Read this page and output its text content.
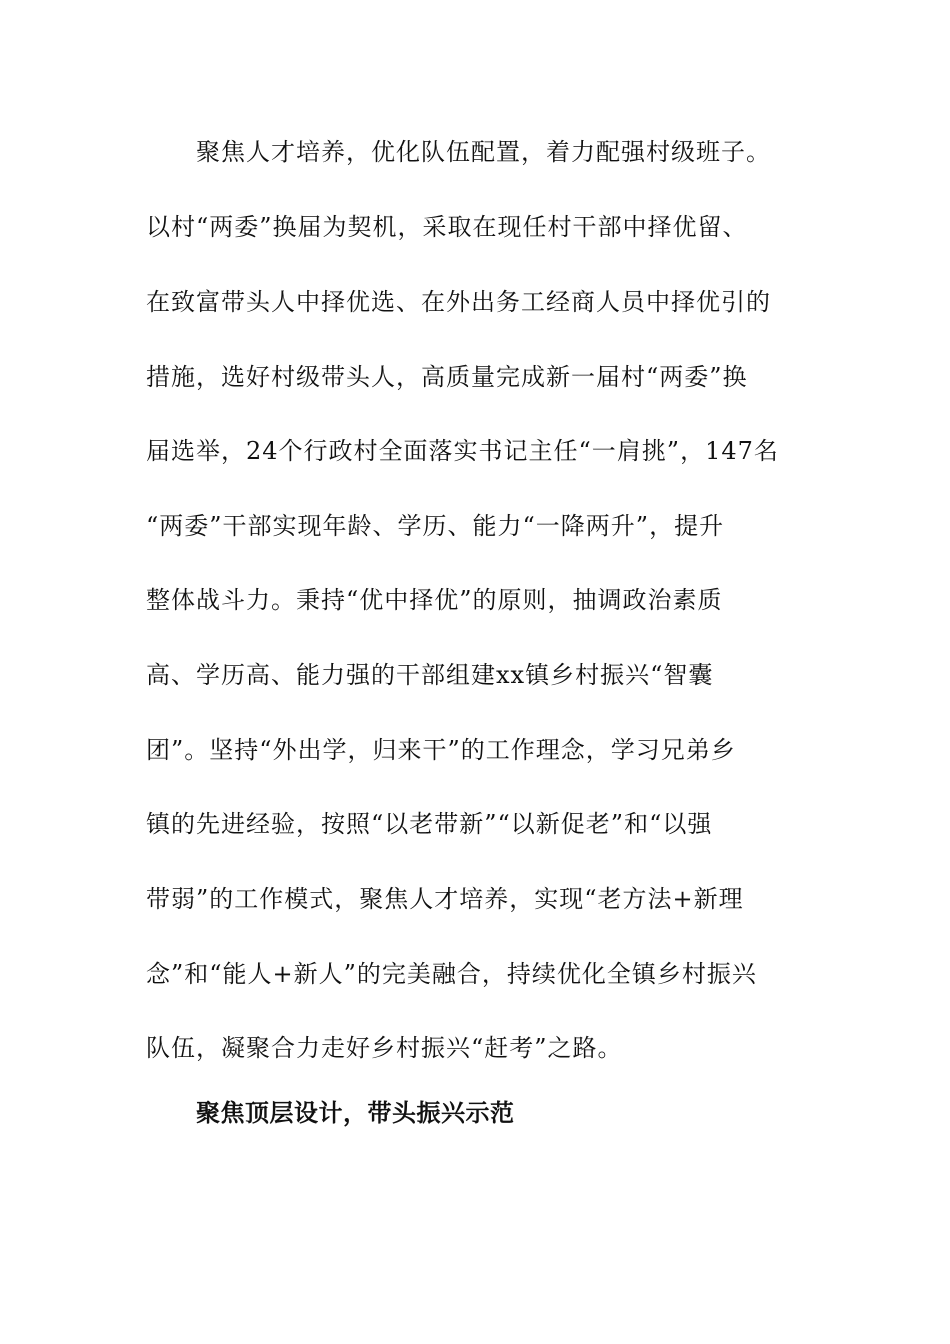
聚焦人才培养，优化队伍配置，着力配强村级班子。
以村“两委”换届为契机，采取在现任村干部中择优留、
在致富带头人中择优选、在外出务工经商人员中择优引的
措施，选好村级带头人，高质量完成新一届村“两委”换
届选举，24个行政村全面落实书记主任“一肩挑”，147名
“两委”干部实现年龄、学历、能力“一降两升”，提升
整体战斗力。秉持“优中择优”的原则，抽调政治素质
高、学历高、能力强的干部组建xx镇乡村振兴“智囊
团”。坚持“外出学，归来干”的工作理念，学习兄弟乡
镇的先进经验，按照“以老带新”“以新促老”和“以强
带弱”的工作模式，聚焦人才培养，实现“老方法+新理
念”和“能人+新人”的完美融合，持续优化全镇乡村振兴
队伍，凝聚合力走好乡村振兴“赶考”之路。
聚焦顶层设计，带头振兴示范
